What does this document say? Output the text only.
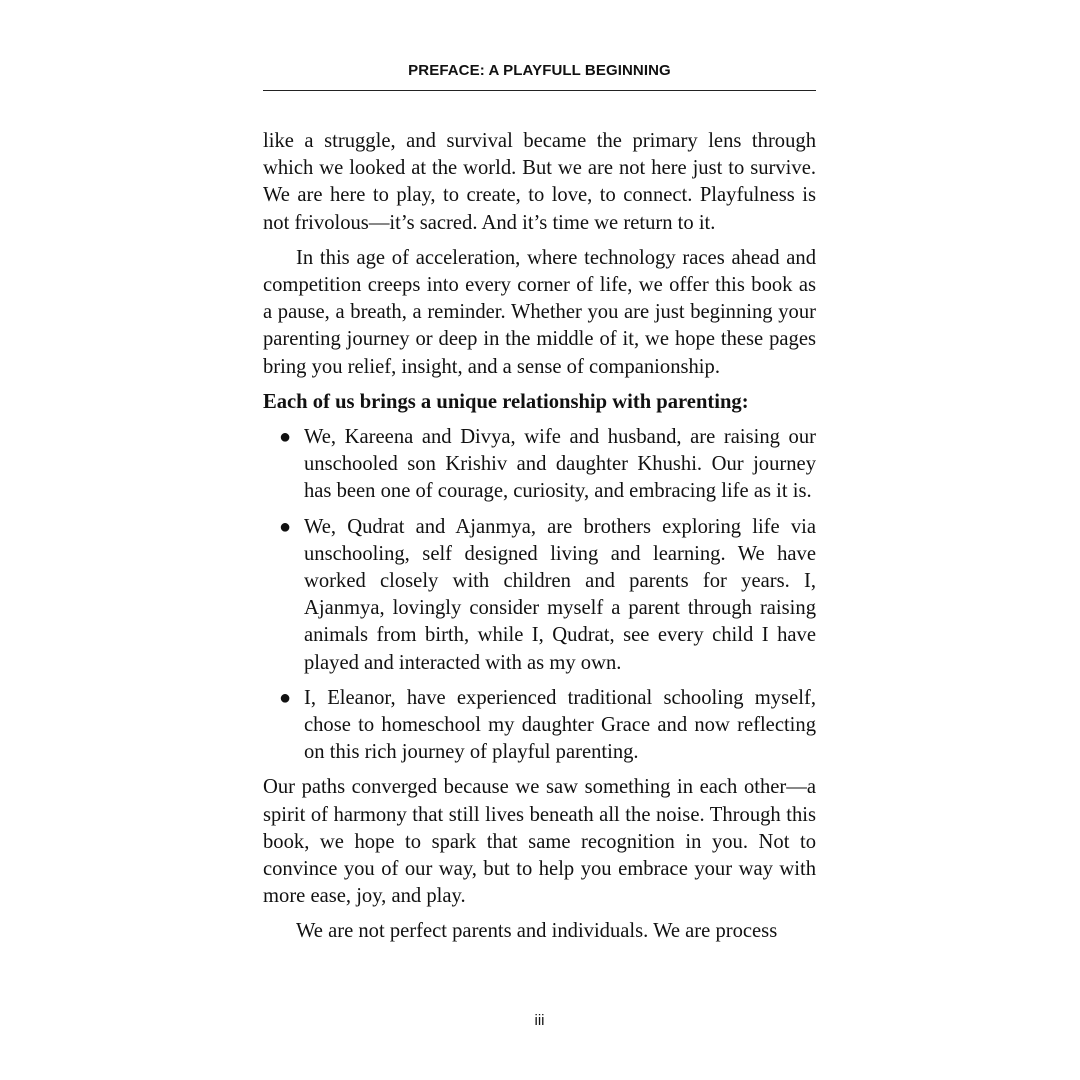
PREFACE: A PLAYFULL BEGINNING

like a struggle, and survival became the primary lens through which we looked at the world. But we are not here just to survive. We are here to play, to create, to love, to connect. Playfulness is not frivolous—it’s sacred. And it’s time we return to it.

In this age of acceleration, where technology races ahead and competition creeps into every corner of life, we offer this book as a pause, a breath, a reminder. Whether you are just beginning your parenting journey or deep in the middle of it, we hope these pages bring you relief, insight, and a sense of companionship.

Each of us brings a unique relationship with parenting:

● We, Kareena and Divya, wife and husband, are raising our unschooled son Krishiv and daughter Khushi. Our journey has been one of courage, curiosity, and embracing life as it is.
● We, Qudrat and Ajanmya, are brothers exploring life via unschooling, self designed living and learning. We have worked closely with children and parents for years. I, Ajanmya, lovingly consider myself a parent through raising animals from birth, while I, Qudrat, see every child I have played and interacted with as my own.
● I, Eleanor, have experienced traditional schooling myself, chose to homeschool my daughter Grace and now reflecting on this rich journey of playful parenting.

Our paths converged because we saw something in each other—a spirit of harmony that still lives beneath all the noise. Through this book, we hope to spark that same recognition in you. Not to convince you of our way, but to help you embrace your way with more ease, joy, and play.

We are not perfect parents and individuals. We are process

iii
